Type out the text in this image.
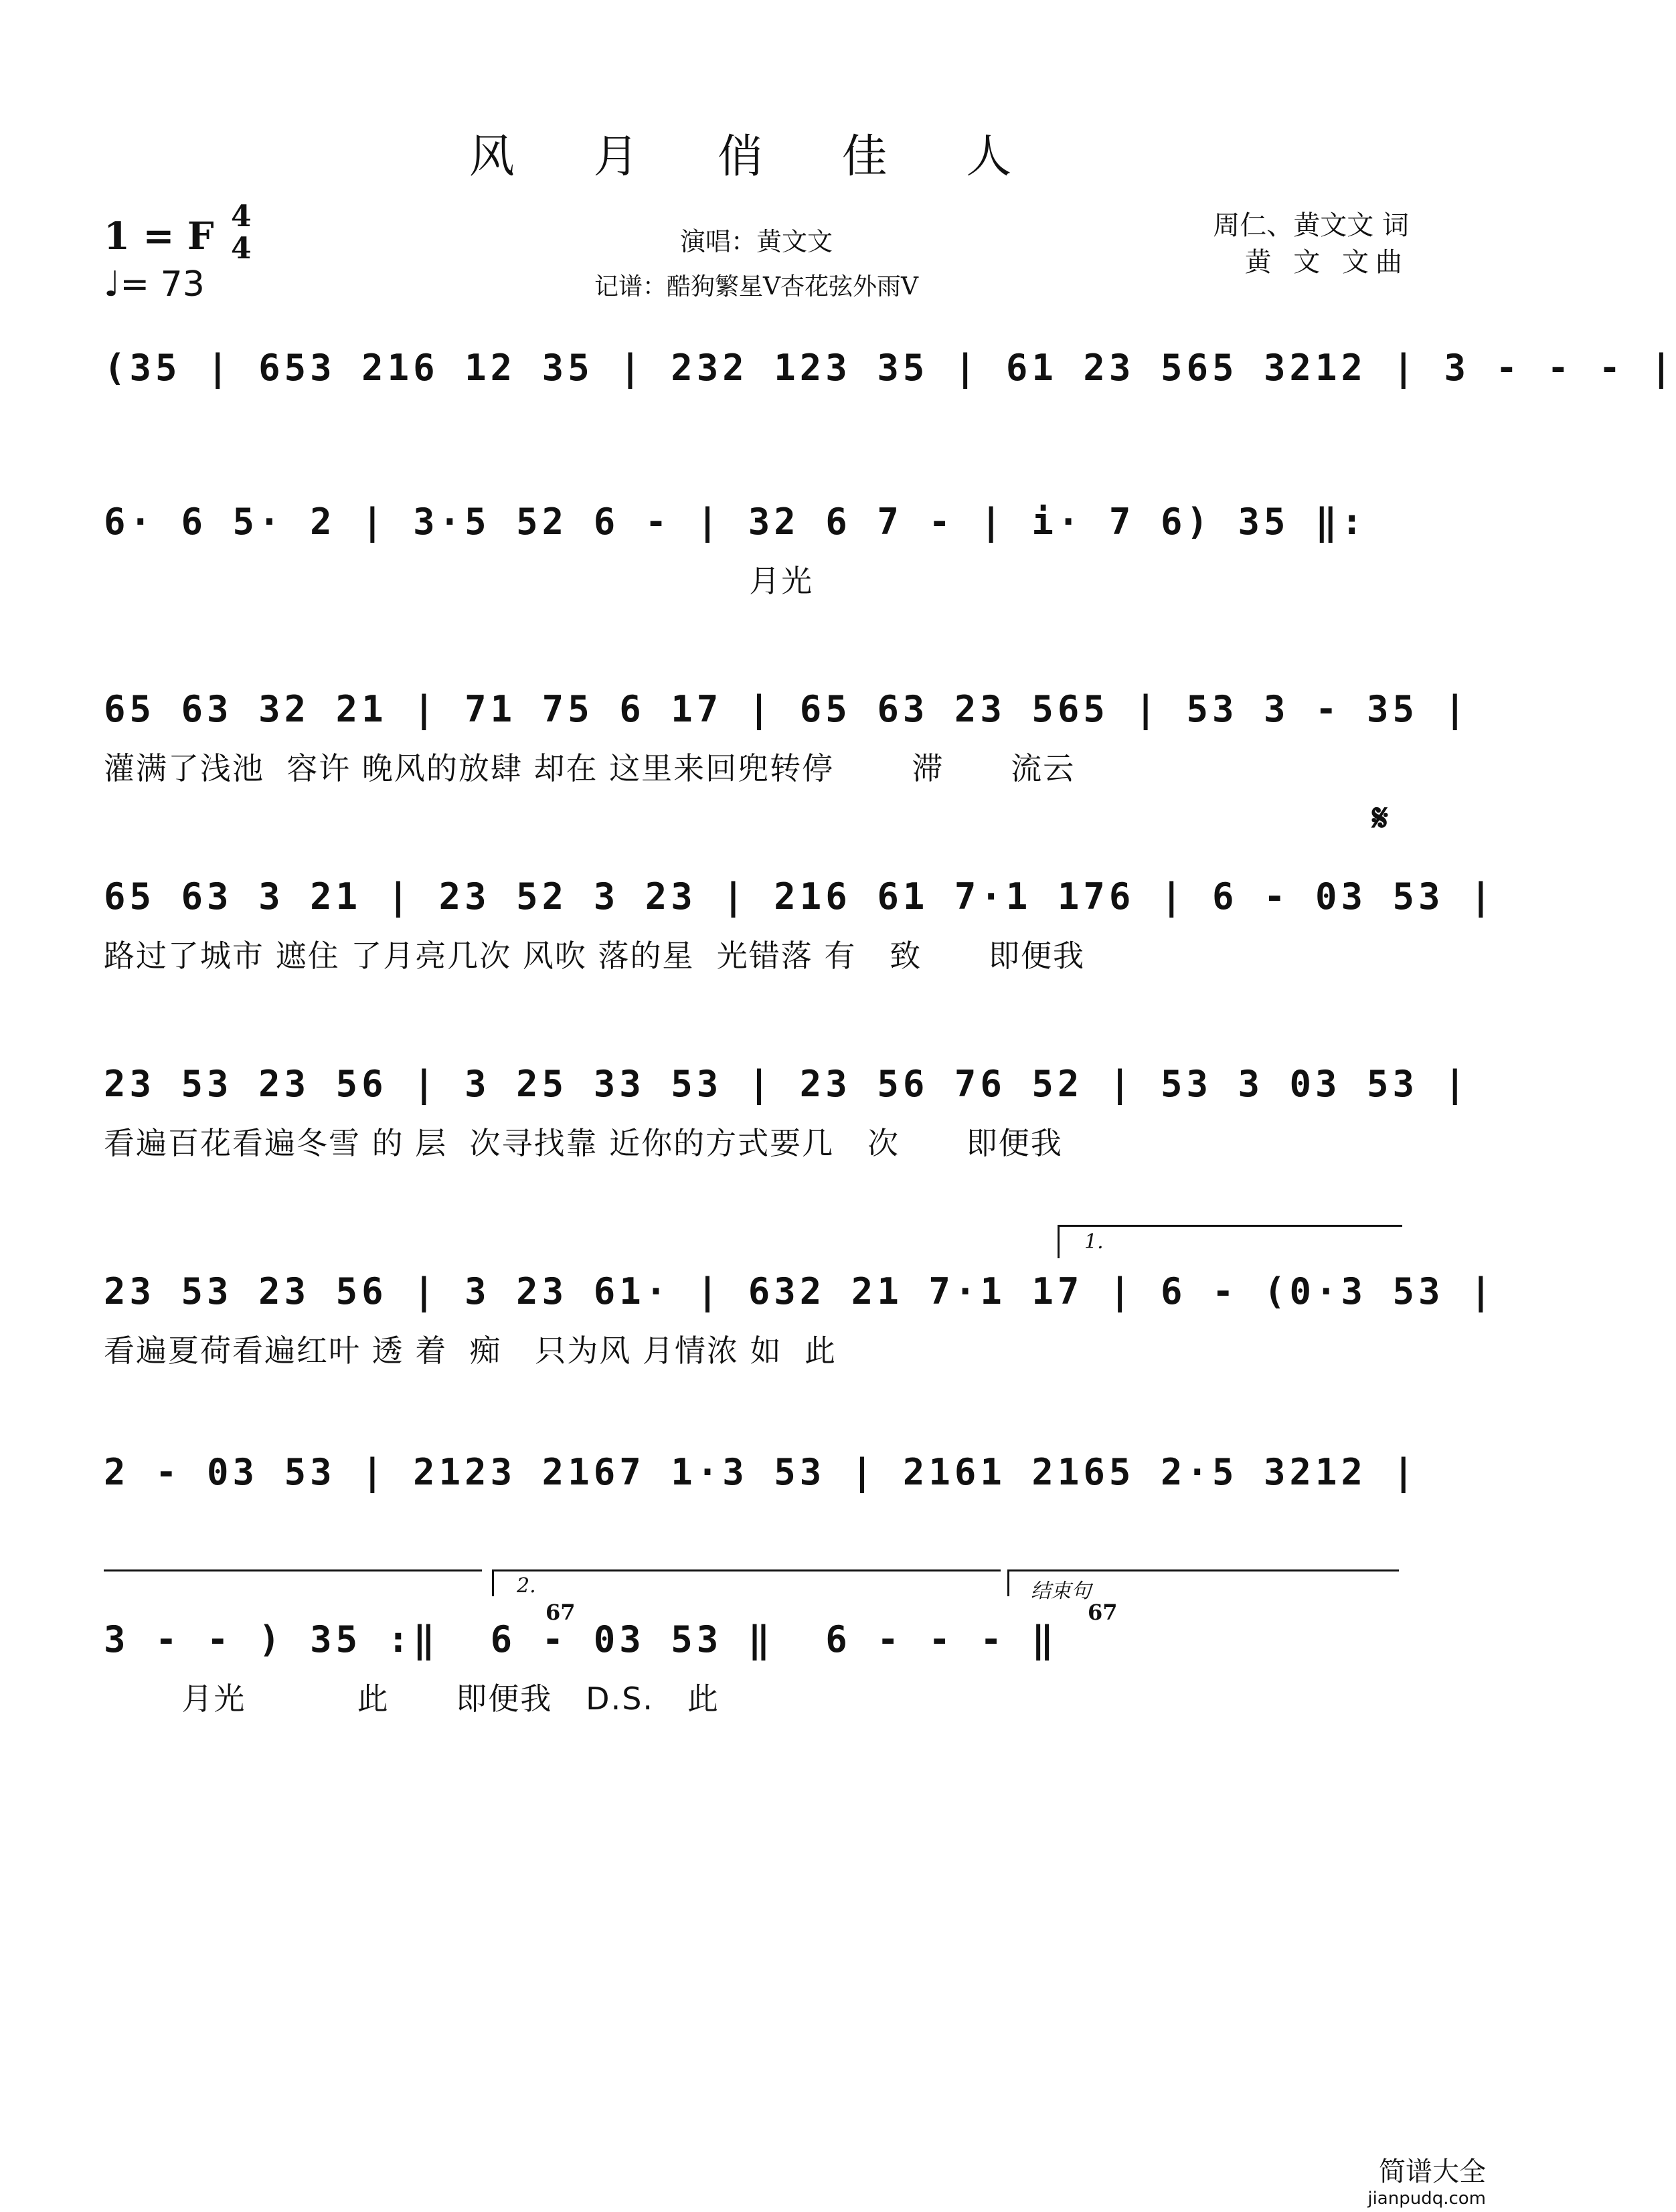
风 月 俏 佳 人
1 = F 4
4
♩= 73
演唱：黄文文
记谱：酷狗繁星V杏花弦外雨V
周仁、黄文文 词
黄 文 文曲
(35 | 653 216 12 35 | 232 123 35 | 61 23 565 3212 | 3 - - - |
6· 6 5· 2 | 3·5 52 6 - | 32 6 7 - | i· 7 6) 35 ‖:
月光
65 63 32 21 | 71 75 6 17 | 65 63 23 565 | 53 3 - 35 |
灌满了浅池  容许 晚风的放肆 却在 这里来回兜转停       滞      流云
𝄋
65 63 3 21 | 23 52 3 23 | 216 61 7·1 176 | 6 - 03 53 |
路过了城市 遮住 了月亮几次 风吹 落的星  光错落 有   致      即便我
23 53 23 56 | 3 25 33 53 | 23 56 76 52 | 53 3 03 53 |
看遍百花看遍冬雪 的 层  次寻找靠 近你的方式要几   次      即便我
1.
23 53 23 56 | 3 23 61· | 632 21 7·1 17 | 6 - (0·3 53 |
看遍夏荷看遍红叶 透 着  痴   只为风 月情浓 如  此
2 - 03 53 | 2123 2167 1·3 53 | 2161 2165 2·5 3212 |
2.	结束句
67	67
3 - - ) 35 :‖  6 - 03 53 ‖  6 - - - ‖
月光          此      即便我   D.S.   此
简谱大全
jianpudq.com
